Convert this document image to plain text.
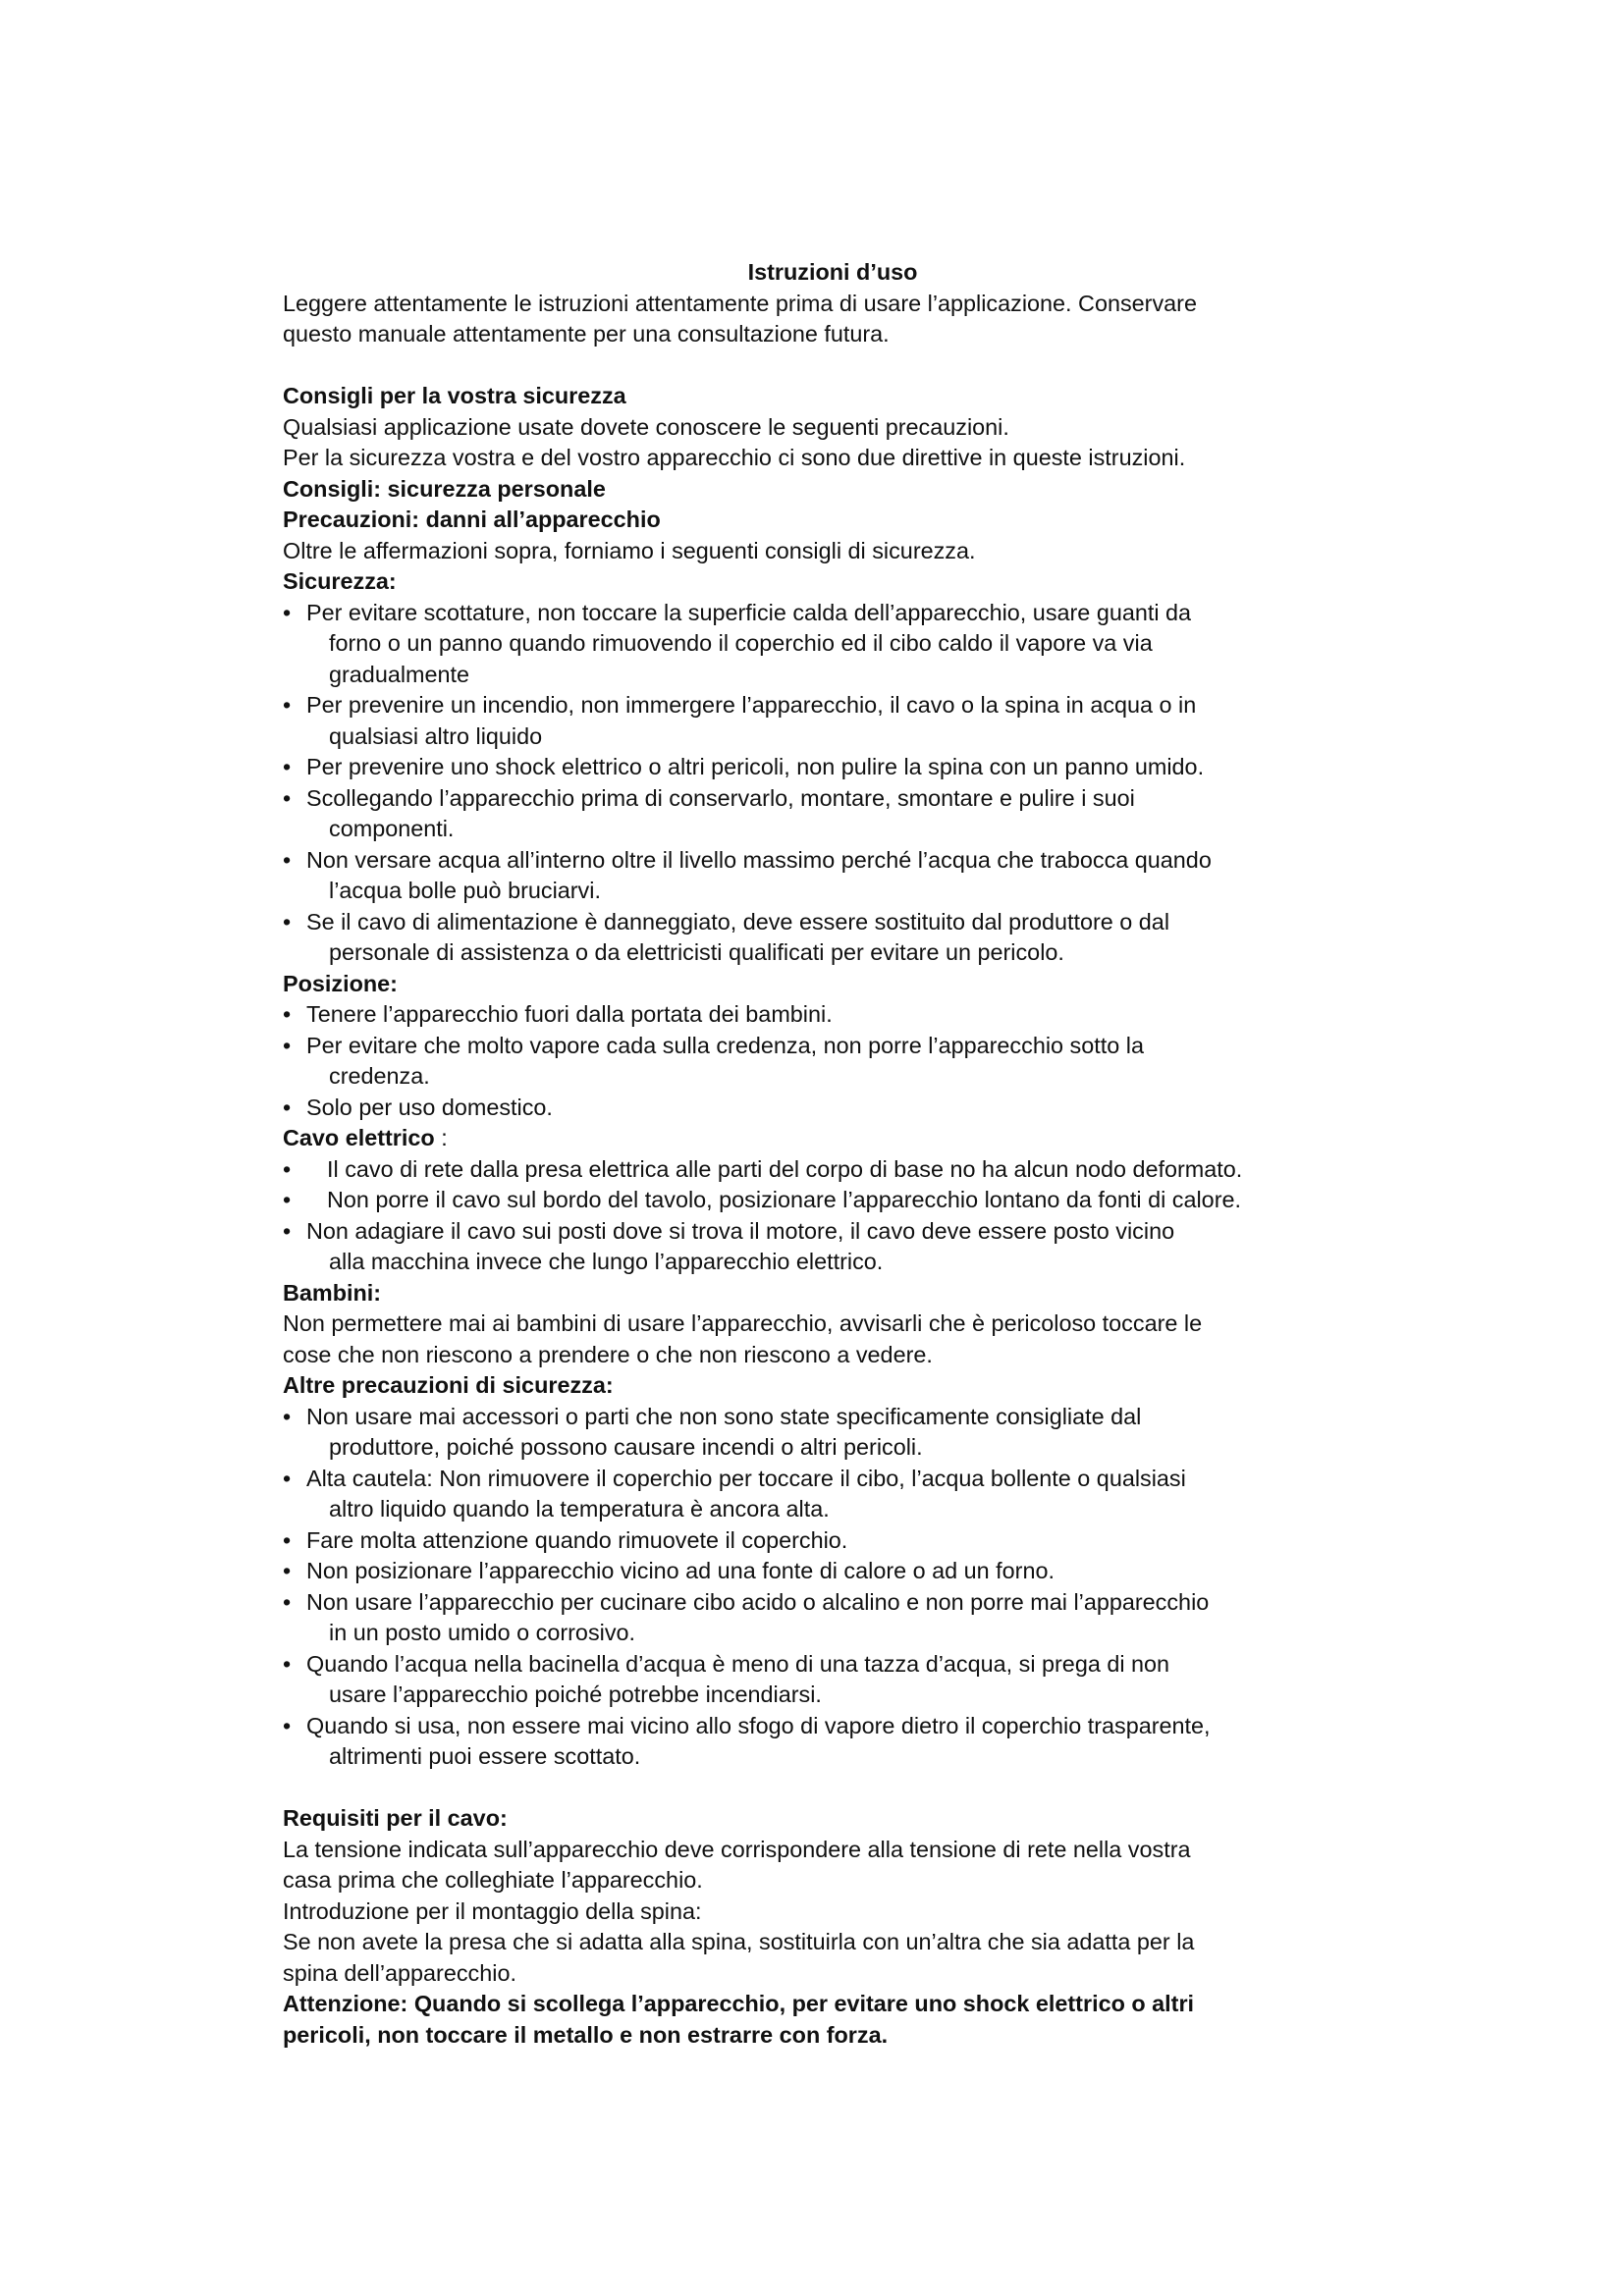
Istruzioni d’uso

Leggere attentamente le istruzioni attentamente prima di usare l’applicazione. Conservare

questo manuale attentamente per una consultazione futura.

Consigli per la vostra sicurezza

Qualsiasi applicazione usate dovete conoscere le seguenti precauzioni.

Per la sicurezza vostra e del vostro apparecchio ci sono due direttive in queste istruzioni.

Consigli: sicurezza personale

Precauzioni: danni all’apparecchio

Oltre le affermazioni sopra, forniamo i seguenti consigli di sicurezza.

Sicurezza:

• Per evitare scottature, non toccare la superficie calda dell’apparecchio, usare guanti da
forno o un panno quando rimuovendo il coperchio ed il cibo caldo il vapore va via
gradualmente
• Per prevenire un incendio, non immergere l’apparecchio, il cavo o la spina in acqua o in
qualsiasi altro liquido
• Per prevenire uno shock elettrico o altri pericoli, non pulire la spina con un panno umido.
• Scollegando l’apparecchio prima di conservarlo, montare, smontare e pulire i suoi
componenti.
• Non versare acqua all’interno oltre il livello massimo perché l’acqua che trabocca quando
l’acqua bolle può bruciarvi.
• Se il cavo di alimentazione è danneggiato, deve essere sostituito dal produttore o dal
personale di assistenza o da elettricisti qualificati per evitare un pericolo.

Posizione:

• Tenere l’apparecchio fuori dalla portata dei bambini.
• Per evitare che molto vapore cada sulla credenza, non porre l’apparecchio sotto la
credenza.
• Solo per uso domestico.

Cavo elettrico :

• Il cavo di rete dalla presa elettrica alle parti del corpo di base no ha alcun nodo deformato.
• Non porre il cavo sul bordo del tavolo, posizionare l’apparecchio lontano da fonti di calore.
• Non adagiare il cavo sui posti dove si trova il motore, il cavo deve essere posto vicino
alla macchina invece che lungo l’apparecchio elettrico.

Bambini:

Non permettere mai ai bambini di usare l’apparecchio, avvisarli che è pericoloso toccare le

cose che non riescono a prendere o che non riescono a vedere.

Altre precauzioni di sicurezza:

• Non usare mai accessori o parti che non sono state specificamente consigliate dal
produttore, poiché possono causare incendi o altri pericoli.
• Alta cautela: Non rimuovere il coperchio per toccare il cibo, l’acqua bollente o qualsiasi
altro liquido quando la temperatura è ancora alta.
• Fare molta attenzione quando rimuovete il coperchio.
• Non posizionare l’apparecchio vicino ad una fonte di calore o ad un forno.
• Non usare l’apparecchio per cucinare cibo acido o alcalino e non porre mai l’apparecchio
in un posto umido o corrosivo.
• Quando l’acqua nella bacinella d’acqua è meno di una tazza d’acqua, si prega di non
usare l’apparecchio poiché potrebbe incendiarsi.
• Quando si usa, non essere mai vicino allo sfogo di vapore dietro il coperchio trasparente,
altrimenti puoi essere scottato.

Requisiti per il cavo:

La tensione indicata sull’apparecchio deve corrispondere alla tensione di rete nella vostra

casa prima che colleghiate l’apparecchio.

Introduzione per il montaggio della spina:

Se non avete la presa che si adatta alla spina, sostituirla con un’altra che sia adatta per la

spina dell’apparecchio.

Attenzione: Quando si scollega l’apparecchio, per evitare uno shock elettrico o altri

pericoli, non toccare il metallo e non estrarre con forza.
